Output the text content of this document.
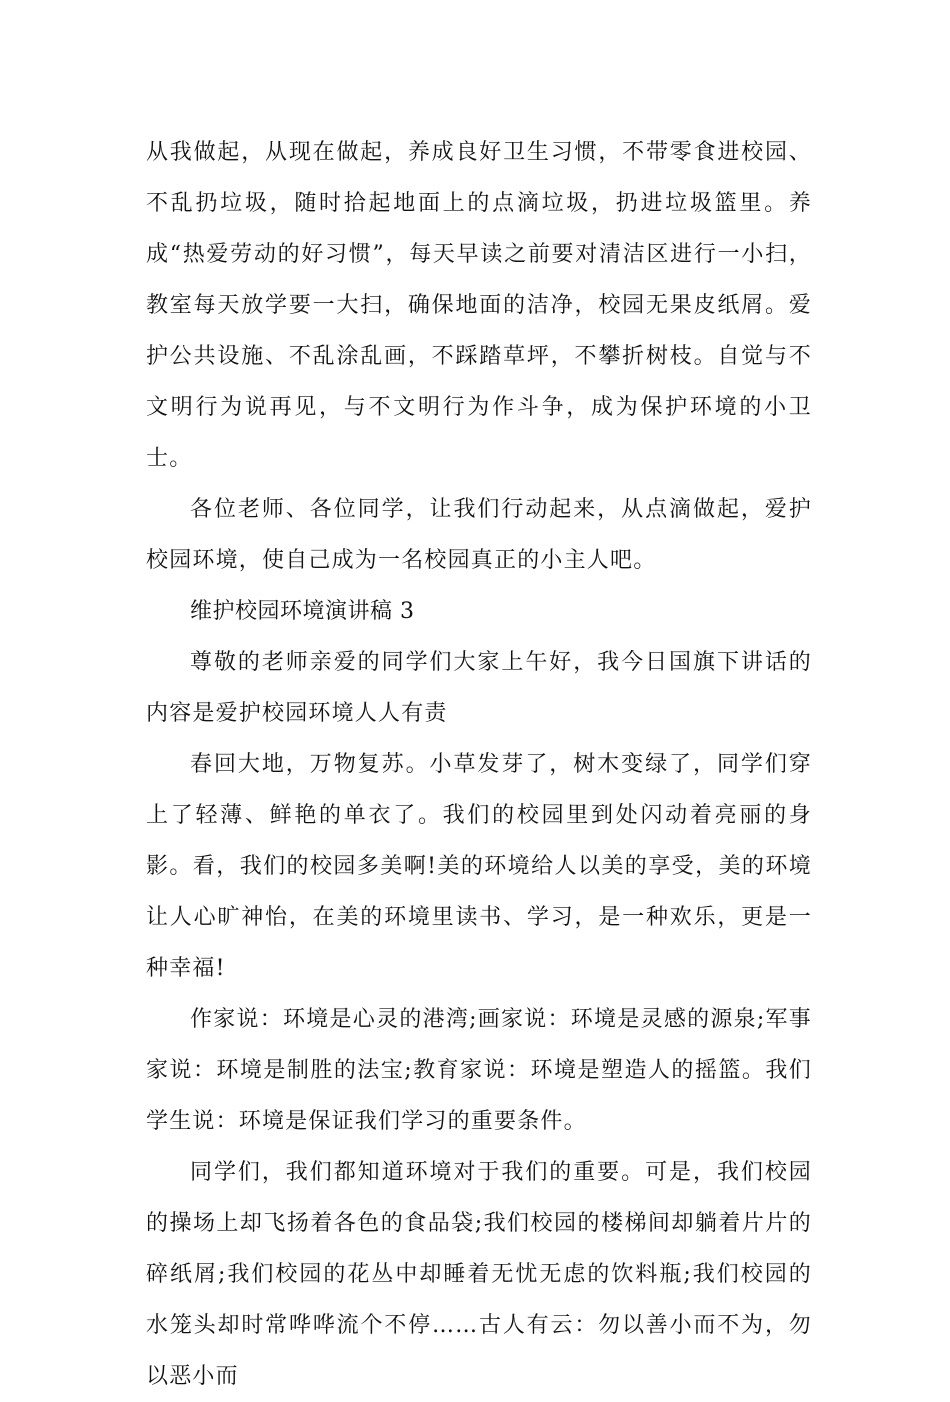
从我做起，从现在做起，养成良好卫生习惯，不带零食进校园、不乱扔垃圾，随时拾起地面上的点滴垃圾，扔进垃圾篮里。养成“热爱劳动的好习惯”，每天早读之前要对清洁区进行一小扫，教室每天放学要一大扫，确保地面的洁净，校园无果皮纸屑。爱护公共设施、不乱涂乱画，不踩踏草坪，不攀折树枝。自觉与不文明行为说再见，与不文明行为作斗争，成为保护环境的小卫士。

各位老师、各位同学，让我们行动起来，从点滴做起，爱护校园环境，使自己成为一名校园真正的小主人吧。

维护校园环境演讲稿 3

尊敬的老师亲爱的同学们大家上午好，我今日国旗下讲话的内容是爱护校园环境人人有责

春回大地，万物复苏。小草发芽了，树木变绿了，同学们穿上了轻薄、鲜艳的单衣了。我们的校园里到处闪动着亮丽的身影。看，我们的校园多美啊!美的环境给人以美的享受，美的环境让人心旷神怡，在美的环境里读书、学习，是一种欢乐，更是一种幸福!

作家说：环境是心灵的港湾;画家说：环境是灵感的源泉;军事家说：环境是制胜的法宝;教育家说：环境是塑造人的摇篮。我们学生说：环境是保证我们学习的重要条件。

同学们，我们都知道环境对于我们的重要。可是，我们校园的操场上却飞扬着各色的食品袋;我们校园的楼梯间却躺着片片的碎纸屑;我们校园的花丛中却睡着无忧无虑的饮料瓶;我们校园的水笼头却时常哗哗流个不停……古人有云：勿以善小而不为，勿以恶小而
